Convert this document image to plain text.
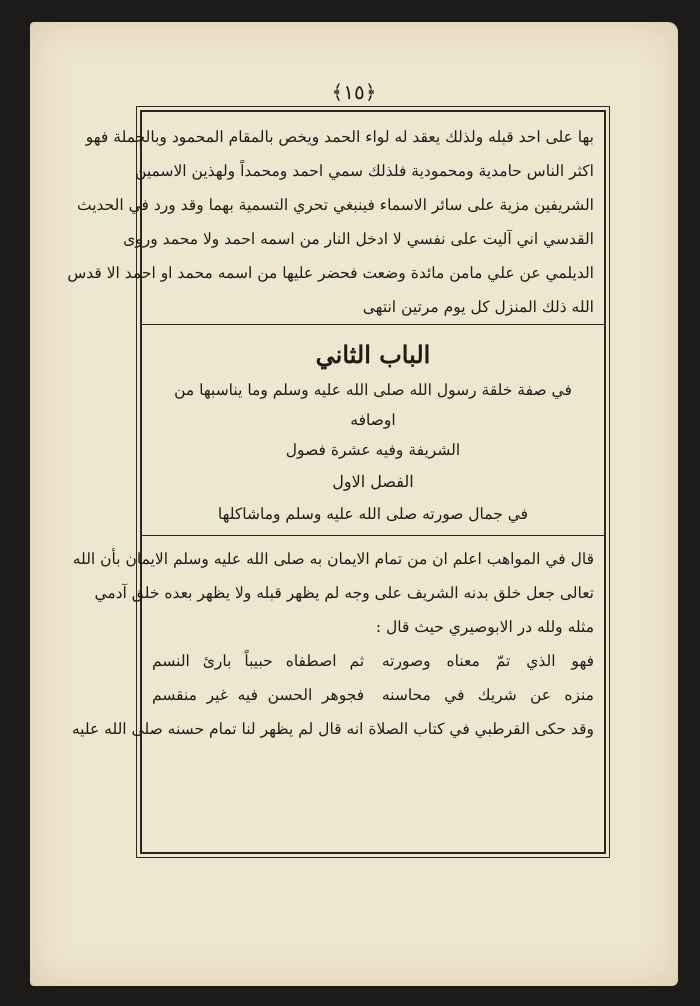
﴾١٥﴿
بها على احد قبله ولذلك يعقد له لواء الحمد ويخص بالمقام المحمود وبالجملة فهو
اكثر الناس حامدية ومحمودية فلذلك سمي احمد ومحمداً ولهذين الاسمين
الشريفين مزية على سائر الاسماء فينبغي تحري التسمية بهما وقد ورد في الحديث
القدسي اني آليت على نفسي لا ادخل النار من اسمه احمد ولا محمد وروى
الديلمي عن علي مامن مائدة وضعت فحضر عليها من اسمه محمد او احمد الا قدس
الله ذلك المنزل كل يوم مرتين انتهى
الباب الثاني
في صفة خلقة رسول الله صلى الله عليه وسلم وما يناسبها من اوصافه
الشريفة وفيه عشرة فصول
الفصل الاول
في جمال صورته صلى الله عليه وسلم وماشاكلها
قال في المواهب اعلم ان من تمام الايمان به صلى الله عليه وسلم الايمان بأن الله
تعالى جعل خلق بدنه الشريف على وجه لم يظهر قبله ولا يظهر بعده خلق آدمي
مثله ولله در الابوصيري حيث قال :
فهو الذي تمّ معناه وصورته
ثم اصطفاه حبيباً بارئ النسم
منزه عن شريك في محاسنه
فجوهر الحسن فيه غير منقسم
وقد حكى القرطبي في كتاب الصلاة انه قال لم يظهر لنا تمام حسنه صلى الله عليه
